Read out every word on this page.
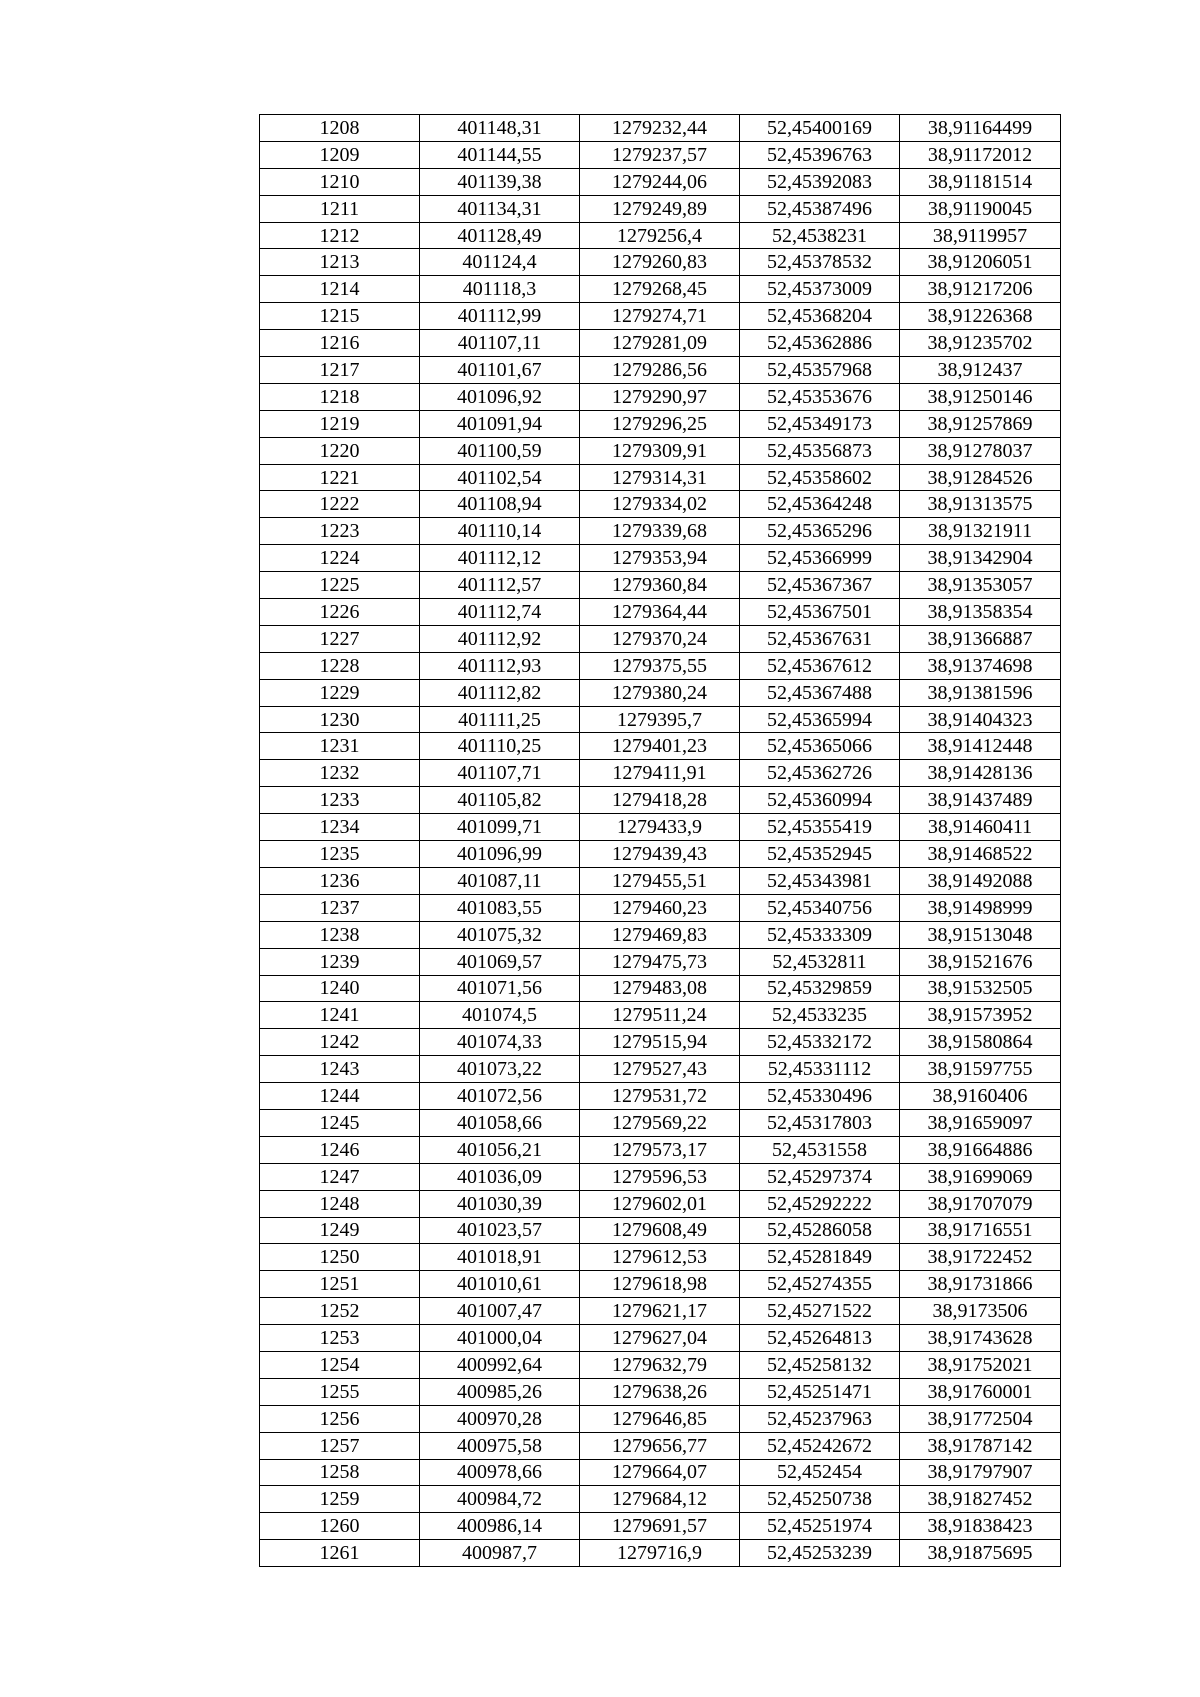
1208	401148,31	1279232,44	52,45400169	38,91164499
1209	401144,55	1279237,57	52,45396763	38,91172012
1210	401139,38	1279244,06	52,45392083	38,91181514
1211	401134,31	1279249,89	52,45387496	38,91190045
1212	401128,49	1279256,4	52,4538231	38,9119957
1213	401124,4	1279260,83	52,45378532	38,91206051
1214	401118,3	1279268,45	52,45373009	38,91217206
1215	401112,99	1279274,71	52,45368204	38,91226368
1216	401107,11	1279281,09	52,45362886	38,91235702
1217	401101,67	1279286,56	52,45357968	38,912437
1218	401096,92	1279290,97	52,45353676	38,91250146
1219	401091,94	1279296,25	52,45349173	38,91257869
1220	401100,59	1279309,91	52,45356873	38,91278037
1221	401102,54	1279314,31	52,45358602	38,91284526
1222	401108,94	1279334,02	52,45364248	38,91313575
1223	401110,14	1279339,68	52,45365296	38,91321911
1224	401112,12	1279353,94	52,45366999	38,91342904
1225	401112,57	1279360,84	52,45367367	38,91353057
1226	401112,74	1279364,44	52,45367501	38,91358354
1227	401112,92	1279370,24	52,45367631	38,91366887
1228	401112,93	1279375,55	52,45367612	38,91374698
1229	401112,82	1279380,24	52,45367488	38,91381596
1230	401111,25	1279395,7	52,45365994	38,91404323
1231	401110,25	1279401,23	52,45365066	38,91412448
1232	401107,71	1279411,91	52,45362726	38,91428136
1233	401105,82	1279418,28	52,45360994	38,91437489
1234	401099,71	1279433,9	52,45355419	38,91460411
1235	401096,99	1279439,43	52,45352945	38,91468522
1236	401087,11	1279455,51	52,45343981	38,91492088
1237	401083,55	1279460,23	52,45340756	38,91498999
1238	401075,32	1279469,83	52,45333309	38,91513048
1239	401069,57	1279475,73	52,4532811	38,91521676
1240	401071,56	1279483,08	52,45329859	38,91532505
1241	401074,5	1279511,24	52,4533235	38,91573952
1242	401074,33	1279515,94	52,45332172	38,91580864
1243	401073,22	1279527,43	52,45331112	38,91597755
1244	401072,56	1279531,72	52,45330496	38,9160406
1245	401058,66	1279569,22	52,45317803	38,91659097
1246	401056,21	1279573,17	52,4531558	38,91664886
1247	401036,09	1279596,53	52,45297374	38,91699069
1248	401030,39	1279602,01	52,45292222	38,91707079
1249	401023,57	1279608,49	52,45286058	38,91716551
1250	401018,91	1279612,53	52,45281849	38,91722452
1251	401010,61	1279618,98	52,45274355	38,91731866
1252	401007,47	1279621,17	52,45271522	38,9173506
1253	401000,04	1279627,04	52,45264813	38,91743628
1254	400992,64	1279632,79	52,45258132	38,91752021
1255	400985,26	1279638,26	52,45251471	38,91760001
1256	400970,28	1279646,85	52,45237963	38,91772504
1257	400975,58	1279656,77	52,45242672	38,91787142
1258	400978,66	1279664,07	52,452454	38,91797907
1259	400984,72	1279684,12	52,45250738	38,91827452
1260	400986,14	1279691,57	52,45251974	38,91838423
1261	400987,7	1279716,9	52,45253239	38,91875695
